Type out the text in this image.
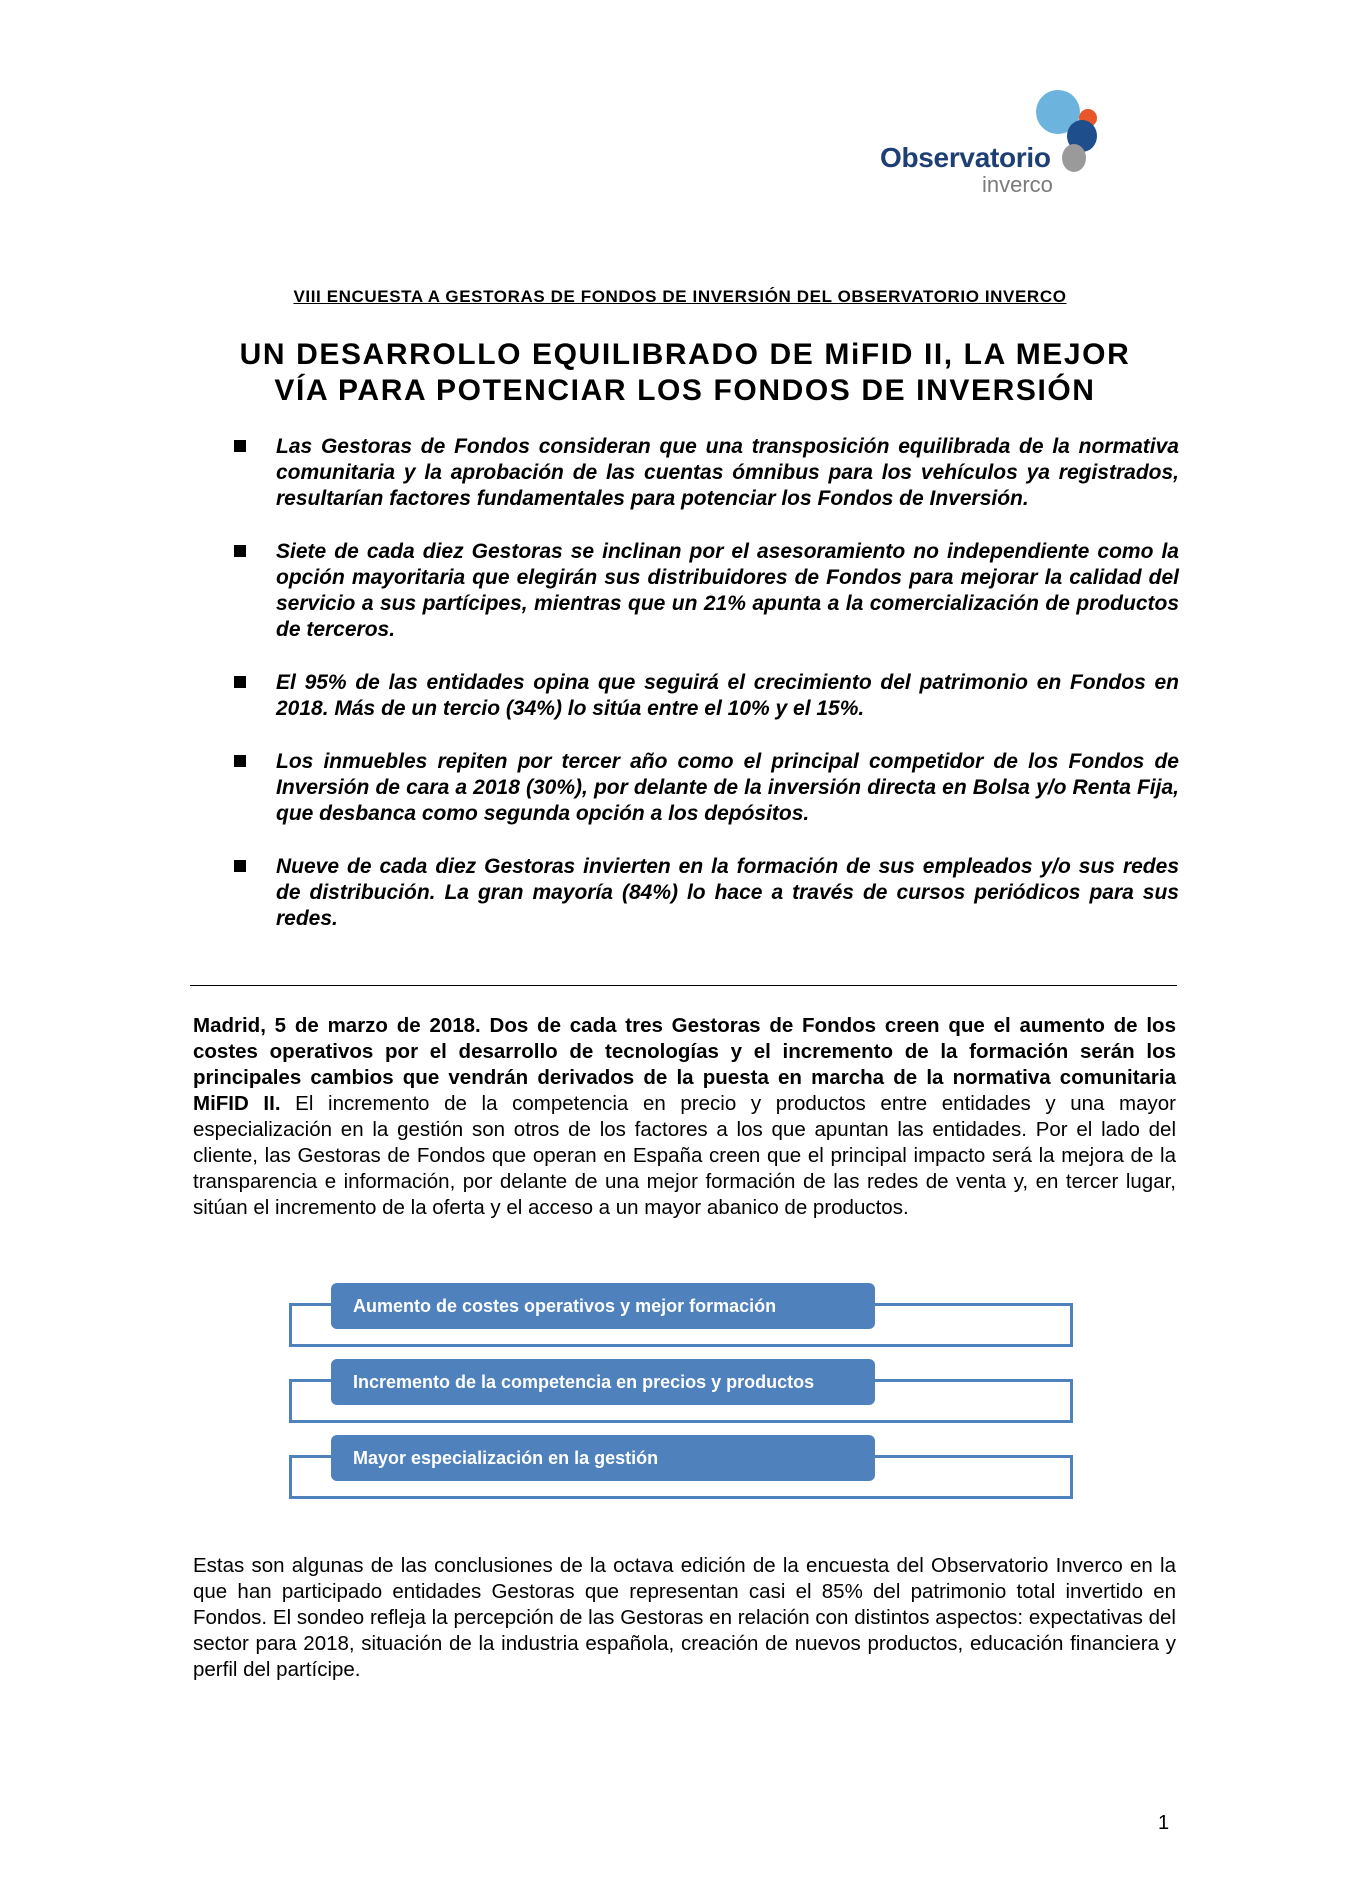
Observatorio
inverco
VIII ENCUESTA A GESTORAS DE FONDOS DE INVERSIÓN DEL OBSERVATORIO INVERCO
UN DESARROLLO EQUILIBRADO DE MiFID II, LA MEJOR
VÍA PARA POTENCIAR LOS FONDOS DE INVERSIÓN
Las Gestoras de Fondos consideran que una transposición equilibrada de la normativa comunitaria y la aprobación de las cuentas ómnibus para los vehículos ya registrados, resultarían factores fundamentales para potenciar los Fondos de Inversión.
Siete de cada diez Gestoras se inclinan por el asesoramiento no independiente como la opción mayoritaria que elegirán sus distribuidores de Fondos para mejorar la calidad del servicio a sus partícipes, mientras que un 21% apunta a la comercialización de productos de terceros.
El 95% de las entidades opina que seguirá el crecimiento del patrimonio en Fondos en 2018. Más de un tercio (34%) lo sitúa entre el 10% y el 15%.
Los inmuebles repiten por tercer año como el principal competidor de los Fondos de Inversión de cara a 2018 (30%), por delante de la inversión directa en Bolsa y/o Renta Fija, que desbanca como segunda opción a los depósitos.
Nueve de cada diez Gestoras invierten en la formación de sus empleados y/o sus redes de distribución. La gran mayoría (84%) lo hace a través de cursos periódicos para sus redes.
Madrid, 5 de marzo de 2018. Dos de cada tres Gestoras de Fondos creen que el aumento de los costes operativos por el desarrollo de tecnologías y el incremento de la formación serán los principales cambios que vendrán derivados de la puesta en marcha de la normativa comunitaria MiFID II. El incremento de la competencia en precio y productos entre entidades y una mayor especialización en la gestión son otros de los factores a los que apuntan las entidades. Por el lado del cliente, las Gestoras de Fondos que operan en España creen que el principal impacto será la mejora de la transparencia e información, por delante de una mejor formación de las redes de venta y, en tercer lugar, sitúan el incremento de la oferta y el acceso a un mayor abanico de productos.
Aumento de costes operativos y mejor formación
Incremento de la competencia en precios y productos
Mayor especialización en la gestión
Estas son algunas de las conclusiones de la octava edición de la encuesta del Observatorio Inverco en la que han participado entidades Gestoras que representan casi el 85% del patrimonio total invertido en Fondos. El sondeo refleja la percepción de las Gestoras en relación con distintos aspectos: expectativas del sector para 2018, situación de la industria española, creación de nuevos productos, educación financiera y perfil del partícipe.
1
